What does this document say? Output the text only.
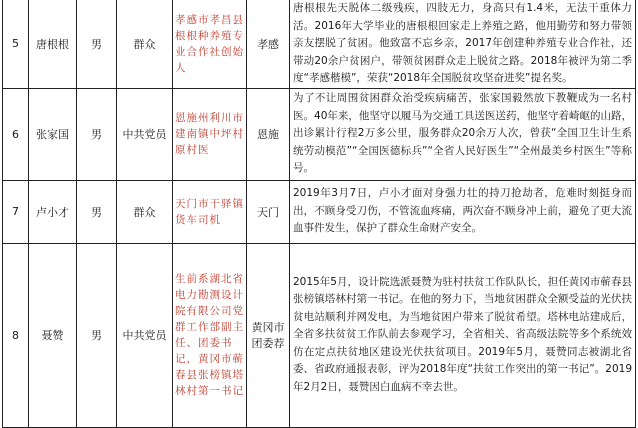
5	唐根根	男	群众	孝感市孝昌县根根种养殖专业合作社创始人	孝感	唐根根先天脱体二级残疾，四肢无力，身高只有1.4米，无法干重体力活。2016年大学毕业的唐根根回家走上养殖之路，他用勤劳和努力带领亲友摆脱了贫困。他致富不忘乡亲，2017年创建种养殖专业合作社，还带动20余户贫困户，带领贫困群众走上脱贫之路。2018年被评为第二季度“孝感楷模”，荣获“2018年全国脱贫攻坚奋进奖”提名奖。
6	张家国	男	中共党员	恩施州利川市建南镇中坪村原村医	恩施	为了不让周围贫困群众治受疾病痛苦，张家国毅然放下教鞭成为一名村医。40年来，他坚守以履马为交通工具送医送药，他坚守着崎岖的山路，出诊累计行程2万多公里，服务群众20余万人次，曾获“全国卫生计生系统劳动模范”“全国医德标兵”“全省人民好医生”“全州最美乡村医生”等称号。
7	卢小才	男	群众	天门市干驿镇货车司机	天门	2019年3月7日，卢小才面对身强力壮的持刀抢劫者，危难时刻挺身而出，不顾身受刀伤，不管流血疼痛，两次奋不顾身冲上前，避免了更大流血事件发生，保护了群众生命财产安全。
8	聂赞	男	中共党员	生前系湖北省电力勘测设计院有限公司党群工作部副主任、团委书记，黄冈市蕲春县张榜镇塔林村第一书记	黄冈市团委荐	2015年5月，设计院选派聂赞为驻村扶贫工作队队长，担任黄冈市蕲春县张榜镇塔林村第一书记。在他的努力下，当地贫困群众全额受益的光伏扶贫电站顺利并网发电，为当地贫困户带来了脱贫希望。塔林电站建成后，全省多扶贫贫工作队前去参观学习，全省相关、省高级法院等多个系统效仿在定点扶贫地区建设光伏扶贫项目。2019年5月，聂赞同志被湖北省委、省政府通报表彰，评为2018年度“扶贫工作突出的第一书记”。2019年2月2日，聂赞因白血病不幸去世。
